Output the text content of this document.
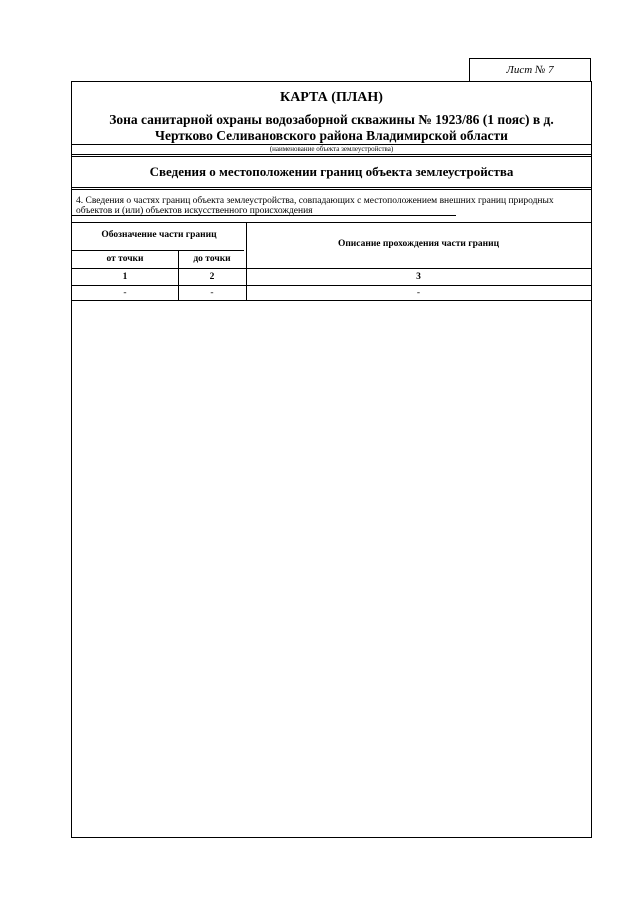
Лист № 7
КАРТА (ПЛАН)
Зона санитарной охраны водозаборной скважины № 1923/86 (1 пояс) в д. Чертково Селивановского района Владимирской области
(наименование объекта землеустройства)
Сведения о местоположении границ объекта землеустройства
4. Сведения о частях границ объекта землеустройства, совпадающих с местоположением внешних границ природных объектов и (или) объектов искусственного происхождения
Обозначение части границ
Описание прохождения части границ
от точки	до точки
1	2	3
-	-	-
